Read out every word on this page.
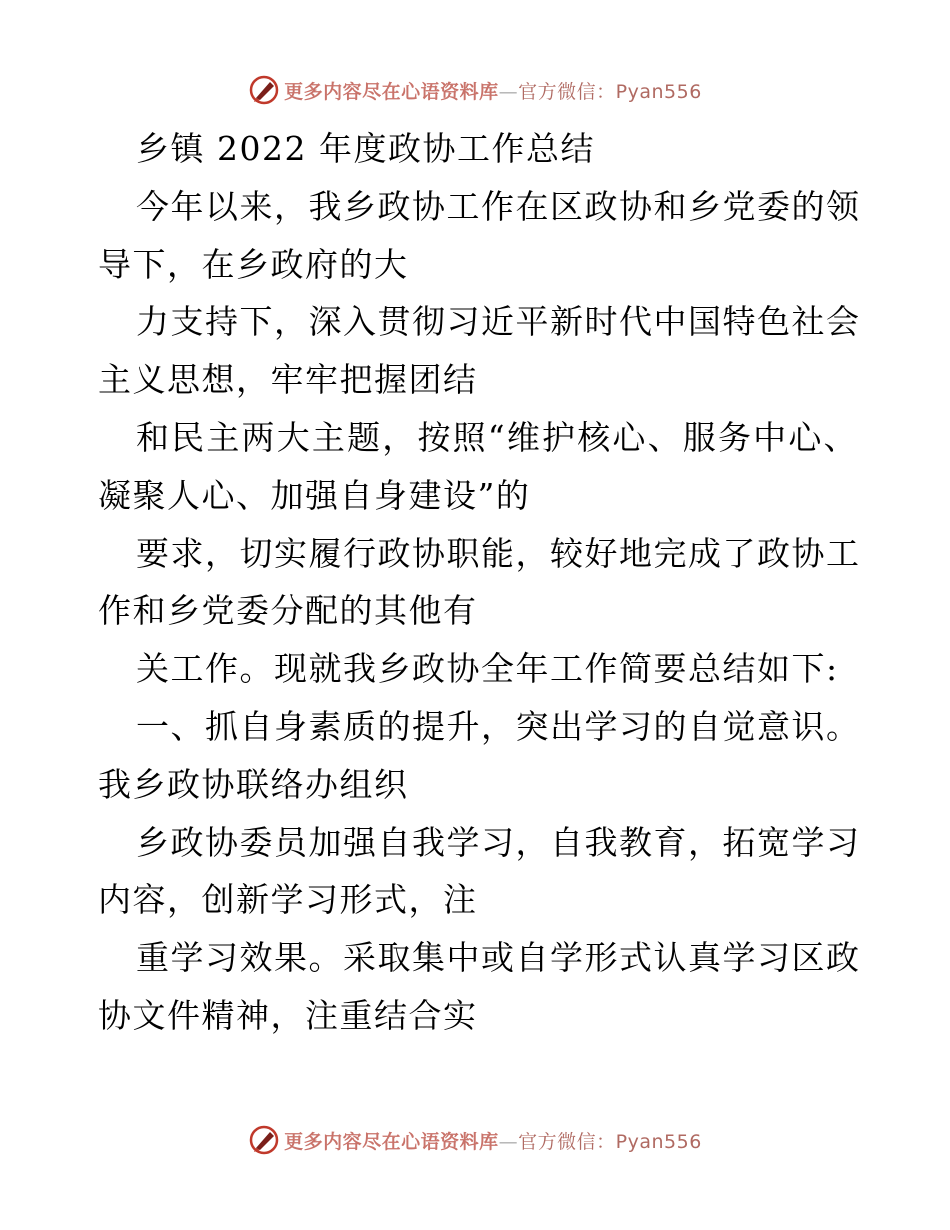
更多内容尽在心语资料库—官方微信：Pyan556
乡镇 2022 年度政协工作总结
今年以来，我乡政协工作在区政协和乡党委的领
导下，在乡政府的大
力支持下，深入贯彻习近平新时代中国特色社会
主义思想，牢牢把握团结
和民主两大主题，按照“维护核心、服务中心、
凝聚人心、加强自身建设”的
要求，切实履行政协职能，较好地完成了政协工
作和乡党委分配的其他有
关工作。现就我乡政协全年工作简要总结如下:
一、抓自身素质的提升，突出学习的自觉意识。
我乡政协联络办组织
乡政协委员加强自我学习，自我教育，拓宽学习
内容，创新学习形式，注
重学习效果。采取集中或自学形式认真学习区政
协文件精神，注重结合实
更多内容尽在心语资料库—官方微信：Pyan556
